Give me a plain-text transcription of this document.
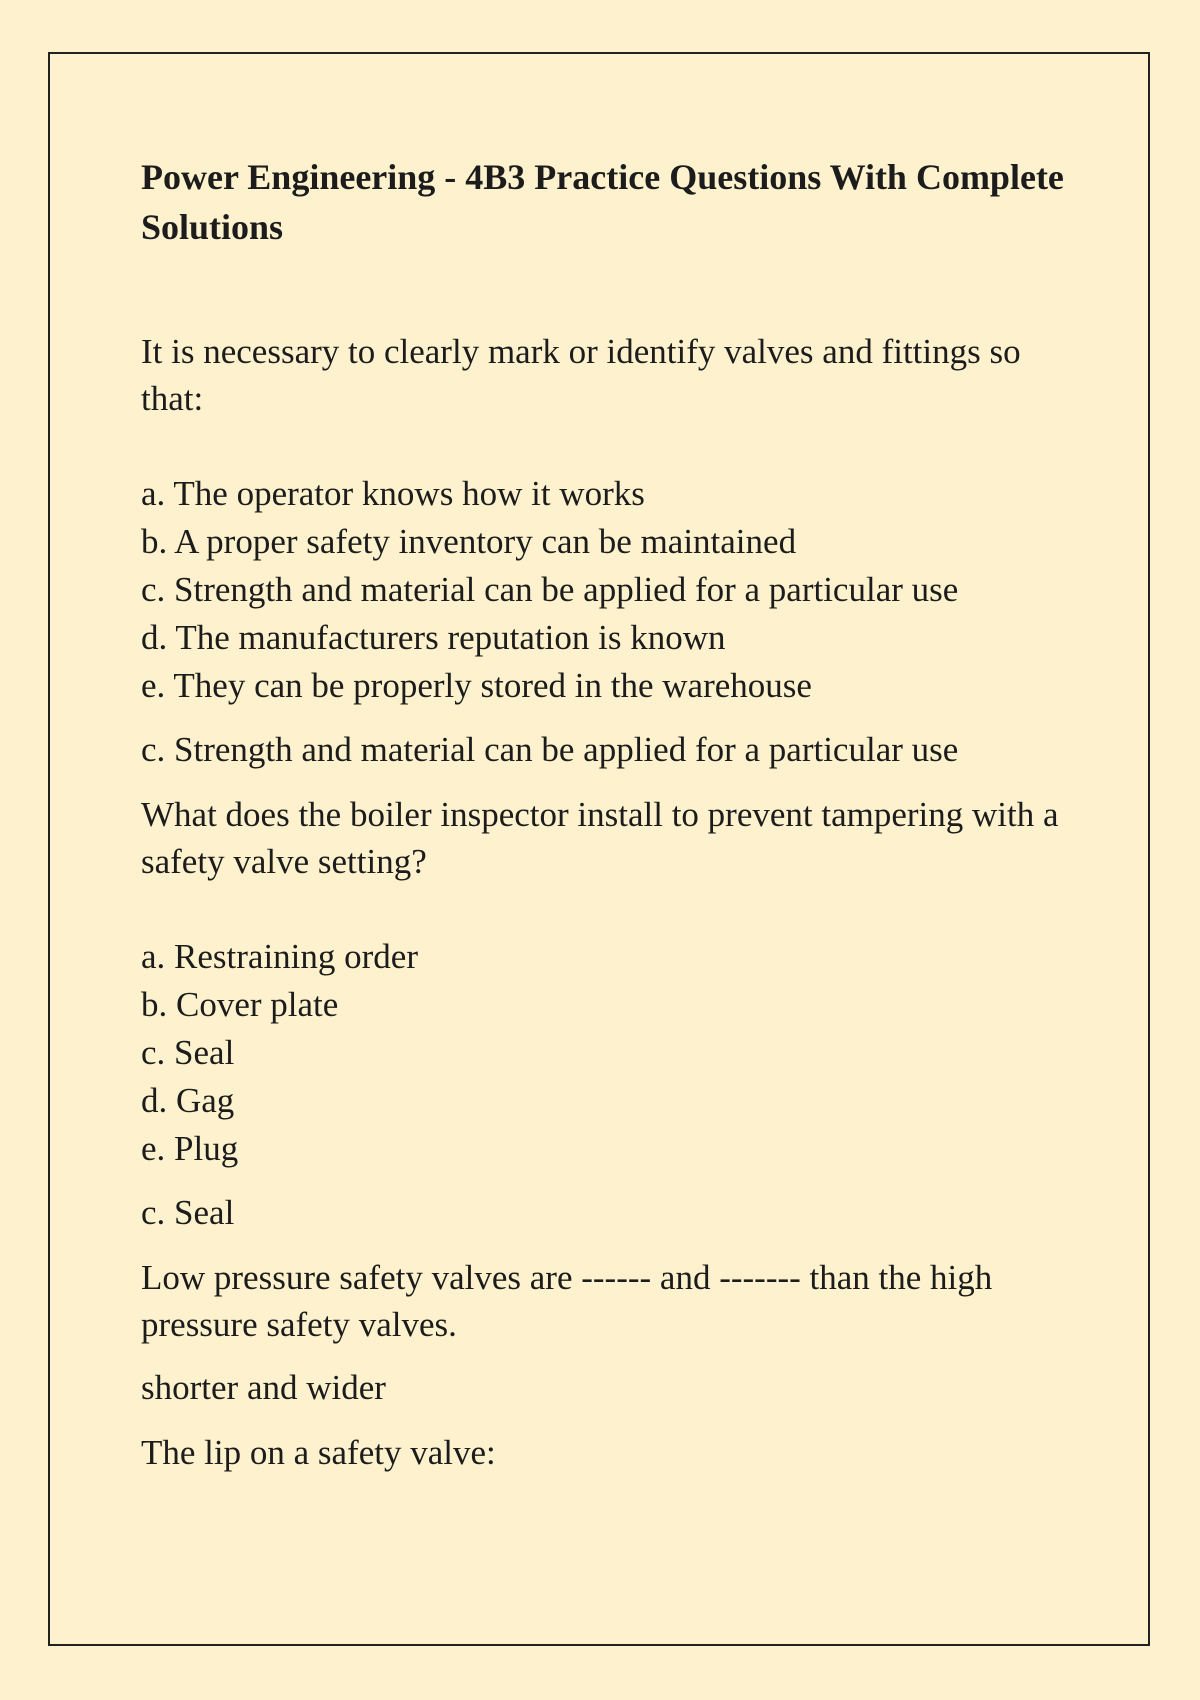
Power Engineering - 4B3 Practice Questions With Complete Solutions

It is necessary to clearly mark or identify valves and fittings so that:

a. The operator knows how it works
b. A proper safety inventory can be maintained
c. Strength and material can be applied for a particular use
d. The manufacturers reputation is known
e. They can be properly stored in the warehouse

c. Strength and material can be applied for a particular use

What does the boiler inspector install to prevent tampering with a safety valve setting?

a. Restraining order
b. Cover plate
c. Seal
d. Gag
e. Plug

c. Seal

Low pressure safety valves are ------ and ------- than the high pressure safety valves.

shorter and wider

The lip on a safety valve:
